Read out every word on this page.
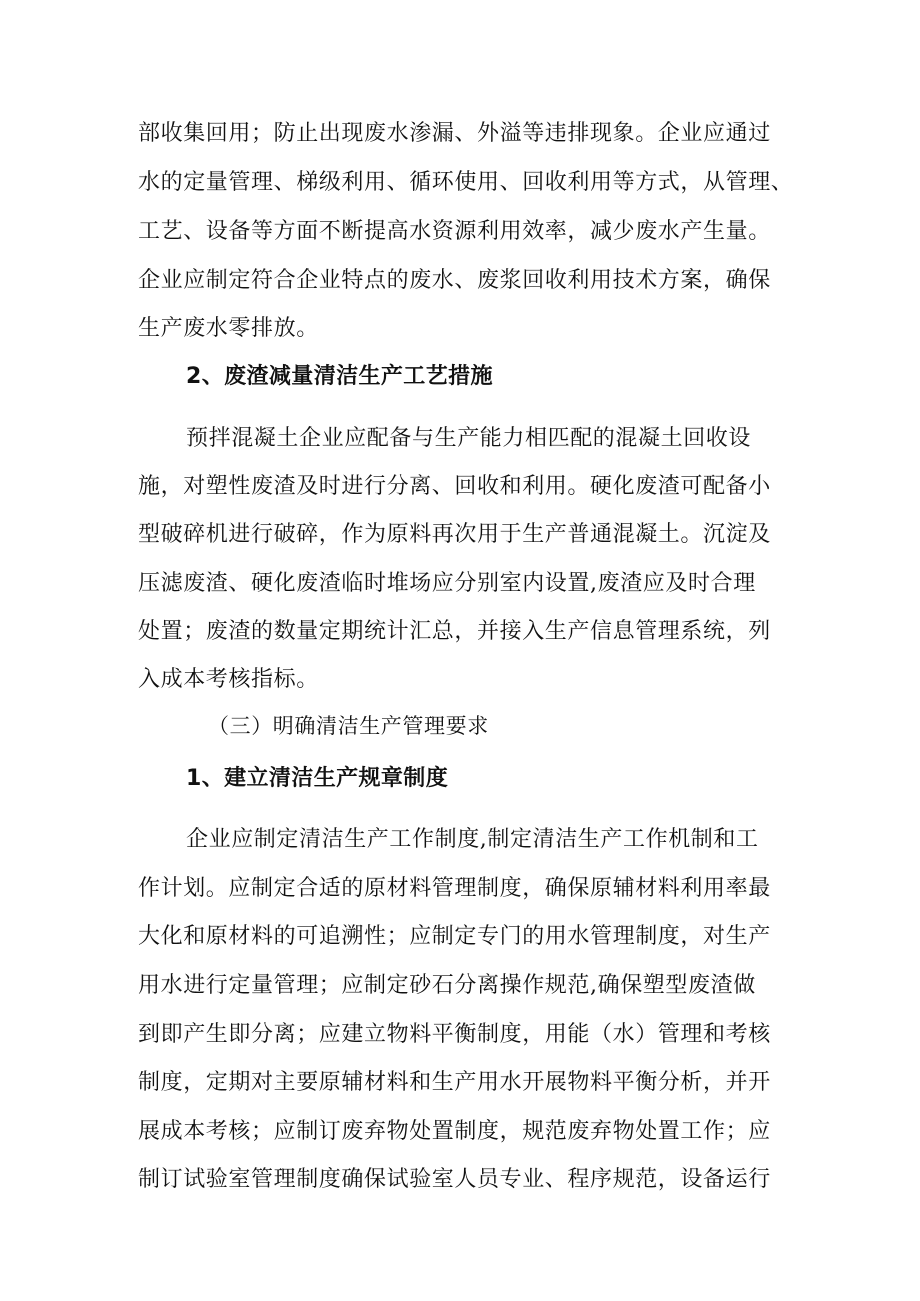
部收集回用；防止出现废水渗漏、外溢等违排现象。企业应通过
水的定量管理、梯级利用、循环使用、回收利用等方式，从管理、
工艺、设备等方面不断提高水资源利用效率，减少废水产生量。
企业应制定符合企业特点的废水、废浆回收利用技术方案，确保
生产废水零排放。
2、废渣减量清洁生产工艺措施
预拌混凝土企业应配备与生产能力相匹配的混凝土回收设
施，对塑性废渣及时进行分离、回收和利用。硬化废渣可配备小
型破碎机进行破碎，作为原料再次用于生产普通混凝土。沉淀及
压滤废渣、硬化废渣临时堆场应分别室内设置,废渣应及时合理
处置；废渣的数量定期统计汇总，并接入生产信息管理系统，列
入成本考核指标。
（三）明确清洁生产管理要求
1、建立清洁生产规章制度
企业应制定清洁生产工作制度,制定清洁生产工作机制和工
作计划。应制定合适的原材料管理制度，确保原辅材料利用率最
大化和原材料的可追溯性；应制定专门的用水管理制度，对生产
用水进行定量管理；应制定砂石分离操作规范,确保塑型废渣做
到即产生即分离；应建立物料平衡制度，用能（水）管理和考核
制度，定期对主要原辅材料和生产用水开展物料平衡分析，并开
展成本考核；应制订废弃物处置制度，规范废弃物处置工作；应
制订试验室管理制度确保试验室人员专业、程序规范，设备运行
